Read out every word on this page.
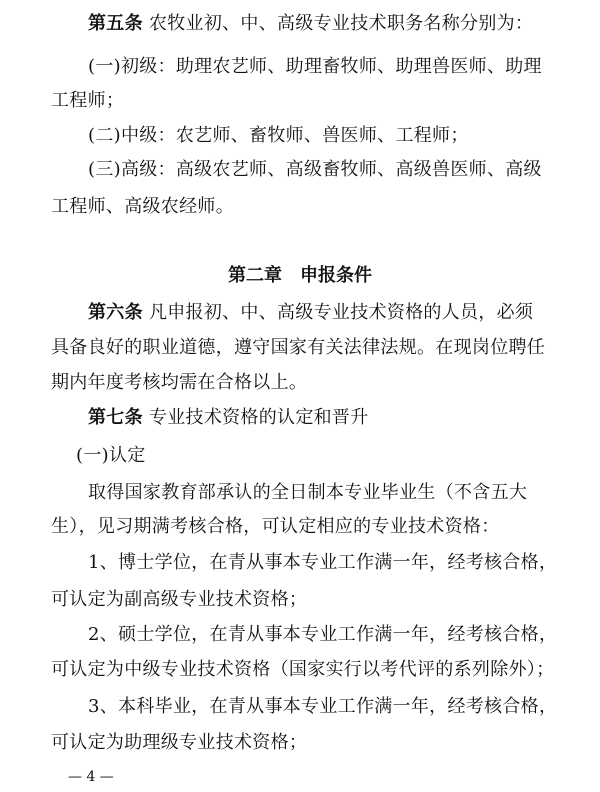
第五条 农牧业初、中、高级专业技术职务名称分别为：
(一)初级：助理农艺师、助理畜牧师、助理兽医师、助理
工程师；
(二)中级：农艺师、畜牧师、兽医师、工程师；
(三)高级：高级农艺师、高级畜牧师、高级兽医师、高级
工程师、高级农经师。
第二章　申报条件
第六条 凡申报初、中、高级专业技术资格的人员，必须
具备良好的职业道德，遵守国家有关法律法规。在现岗位聘任
期内年度考核均需在合格以上。
第七条 专业技术资格的认定和晋升
(一)认定
取得国家教育部承认的全日制本专业毕业生（不含五大
生），见习期满考核合格，可认定相应的专业技术资格：
1、博士学位，在青从事本专业工作满一年，经考核合格，
可认定为副高级专业技术资格；
2、硕士学位，在青从事本专业工作满一年，经考核合格，
可认定为中级专业技术资格（国家实行以考代评的系列除外）；
3、本科毕业，在青从事本专业工作满一年，经考核合格，
可认定为助理级专业技术资格；
— 4 —
